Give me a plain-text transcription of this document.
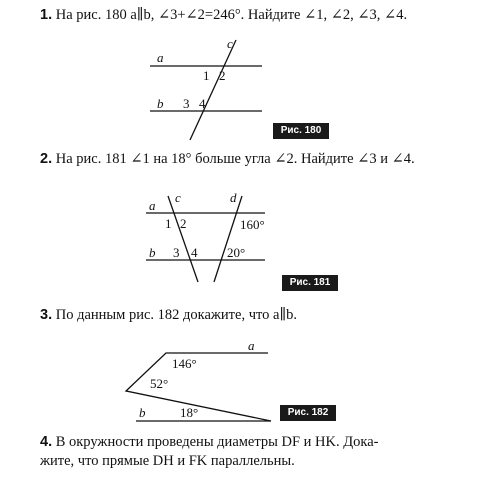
1. На рис. 180 a∥b, ∠3+∠2=246°. Найдите ∠1, ∠2, ∠3, ∠4.

a
b
c
1 2
3 4
Рис. 180

2. На рис. 181 ∠1 на 18° больше угла ∠2. Найдите ∠3 и ∠4.

a
b
c	d
1 2
3 4
160°
20°
Рис. 181

3. По данным рис. 182 докажите, что a∥b.

a
b
146°
52°
18°	Рис. 182

4. В окружности проведены диаметры DF и HK. Дока-
жите, что прямые DH и FK параллельны.
